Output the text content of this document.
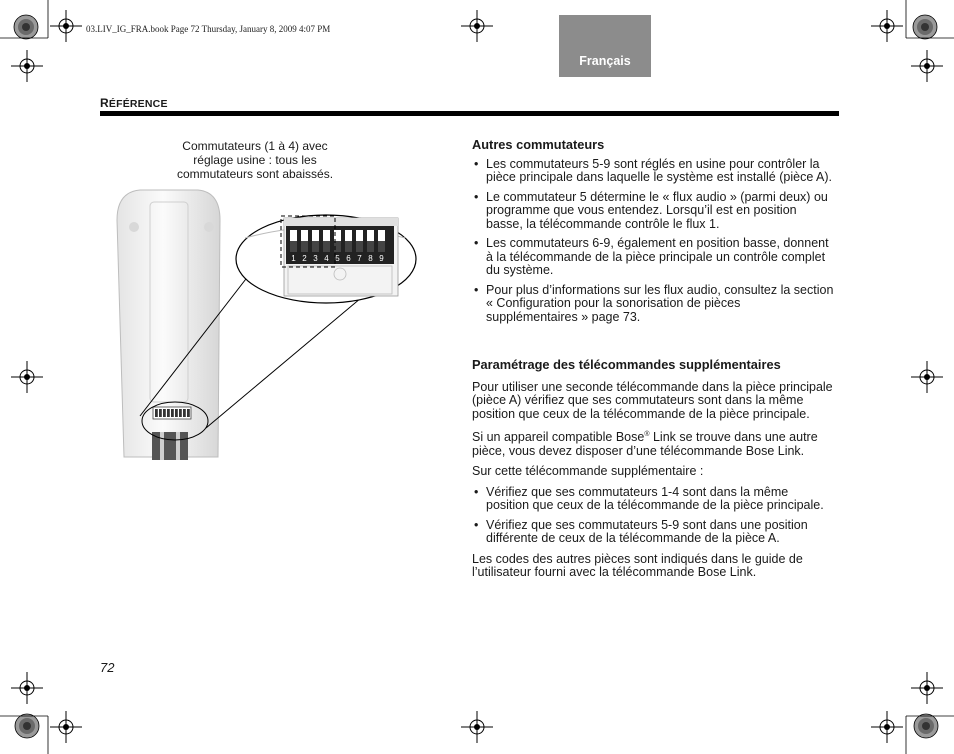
03.LIV_IG_FRA.book Page 72 Thursday, January 8, 2009 4:07 PM
Français
RÉFÉRENCE
Commutateurs (1 à 4) avec réglage usine : tous les commutateurs sont abaissés.
1 2 3 4 5 6 7 8 9
Autres commutateurs
• Les commutateurs 5-9 sont réglés en usine pour contrôler la pièce principale dans laquelle le système est installé (pièce A).
• Le commutateur 5 détermine le « flux audio » (parmi deux) ou programme que vous entendez. Lorsqu’il est en position basse, la télécommande contrôle le flux 1.
• Les commutateurs 6-9, également en position basse, donnent à la télécommande de la pièce principale un contrôle complet du système.
• Pour plus d’informations sur les flux audio, consultez la section « Configuration pour la sonorisation de pièces supplémentaires » page 73.
Paramétrage des télécommandes supplémentaires

Pour utiliser une seconde télécommande dans la pièce principale (pièce A) vérifiez que ses commutateurs sont dans la même position que ceux de la télécommande de la pièce principale.

Si un appareil compatible Bose® Link se trouve dans une autre pièce, vous devez disposer d’une télécommande Bose Link.

Sur cette télécommande supplémentaire :

• Vérifiez que ses commutateurs 1-4 sont dans la même position que ceux de la télécommande de la pièce principale.
• Vérifiez que ses commutateurs 5-9 sont dans une position différente de ceux de la télécommande de la pièce A.

Les codes des autres pièces sont indiqués dans le guide de l’utilisateur fourni avec la télécommande Bose Link.

72
